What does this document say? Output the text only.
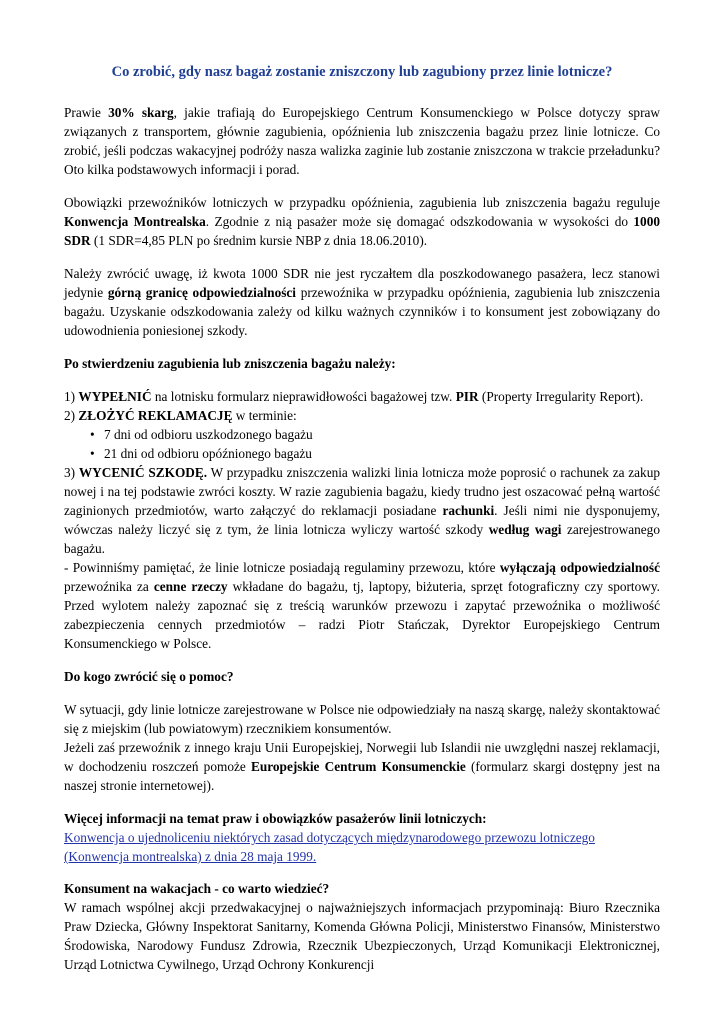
Co zrobić, gdy nasz bagaż zostanie zniszczony lub zagubiony przez linie lotnicze?

Prawie 30% skarg, jakie trafiają do Europejskiego Centrum Konsumenckiego w Polsce dotyczy spraw związanych z transportem, głównie zagubienia, opóźnienia lub zniszczenia bagażu przez linie lotnicze. Co zrobić, jeśli podczas wakacyjnej podróży nasza walizka zaginie lub zostanie zniszczona w trakcie przeładunku? Oto kilka podstawowych informacji i porad.

Obowiązki przewoźników lotniczych w przypadku opóźnienia, zagubienia lub zniszczenia bagażu reguluje Konwencja Montrealska. Zgodnie z nią pasażer może się domagać odszkodowania w wysokości do 1000 SDR (1 SDR=4,85 PLN po średnim kursie NBP z dnia 18.06.2010).

Należy zwrócić uwagę, iż kwota 1000 SDR nie jest ryczałtem dla poszkodowanego pasażera, lecz stanowi jedynie górną granicę odpowiedzialności przewoźnika w przypadku opóźnienia, zagubienia lub zniszczenia bagażu. Uzyskanie odszkodowania zależy od kilku ważnych czynników i to konsument jest zobowiązany do udowodnienia poniesionej szkody.

Po stwierdzeniu zagubienia lub zniszczenia bagażu należy:

1) WYPEŁNIĆ na lotnisku formularz nieprawidłowości bagażowej tzw. PIR (Property Irregularity Report).

2) ZŁOŻYĆ REKLAMACJĘ w terminie:

• 7 dni od odbioru uszkodzonego bagażu
• 21 dni od odbioru opóźnionego bagażu

3) WYCENIĆ SZKODĘ. W przypadku zniszczenia walizki linia lotnicza może poprosić o rachunek za zakup nowej i na tej podstawie zwróci koszty. W razie zagubienia bagażu, kiedy trudno jest oszacować pełną wartość zaginionych przedmiotów, warto załączyć do reklamacji posiadane rachunki. Jeśli nimi nie dysponujemy, wówczas należy liczyć się z tym, że linia lotnicza wyliczy wartość szkody według wagi zarejestrowanego bagażu.

- Powinniśmy pamiętać, że linie lotnicze posiadają regulaminy przewozu, które wyłączają odpowiedzialność przewoźnika za cenne rzeczy wkładane do bagażu, tj, laptopy, biżuteria, sprzęt fotograficzny czy sportowy. Przed wylotem należy zapoznać się z treścią warunków przewozu i zapytać przewoźnika o możliwość zabezpieczenia cennych przedmiotów – radzi Piotr Stańczak, Dyrektor Europejskiego Centrum Konsumenckiego w Polsce.

Do kogo zwrócić się o pomoc?

W sytuacji, gdy linie lotnicze zarejestrowane w Polsce nie odpowiedziały na naszą skargę, należy skontaktować się z miejskim (lub powiatowym) rzecznikiem konsumentów.

Jeżeli zaś przewoźnik z innego kraju Unii Europejskiej, Norwegii lub Islandii nie uwzględni naszej reklamacji, w dochodzeniu roszczeń pomoże Europejskie Centrum Konsumenckie (formularz skargi dostępny jest na naszej stronie internetowej).

Więcej informacji na temat praw i obowiązków pasażerów linii lotniczych:

Konwencja o ujednoliceniu niektórych zasad dotyczących międzynarodowego przewozu lotniczego
(Konwencja montrealska) z dnia 28 maja 1999.

Konsument na wakacjach - co warto wiedzieć?

W ramach wspólnej akcji przedwakacyjnej o najważniejszych informacjach przypominają: Biuro Rzecznika Praw Dziecka, Główny Inspektorat Sanitarny, Komenda Główna Policji, Ministerstwo Finansów, Ministerstwo Środowiska, Narodowy Fundusz Zdrowia, Rzecznik Ubezpieczonych, Urząd Komunikacji Elektronicznej, Urząd Lotnictwa Cywilnego, Urząd Ochrony Konkurencji
